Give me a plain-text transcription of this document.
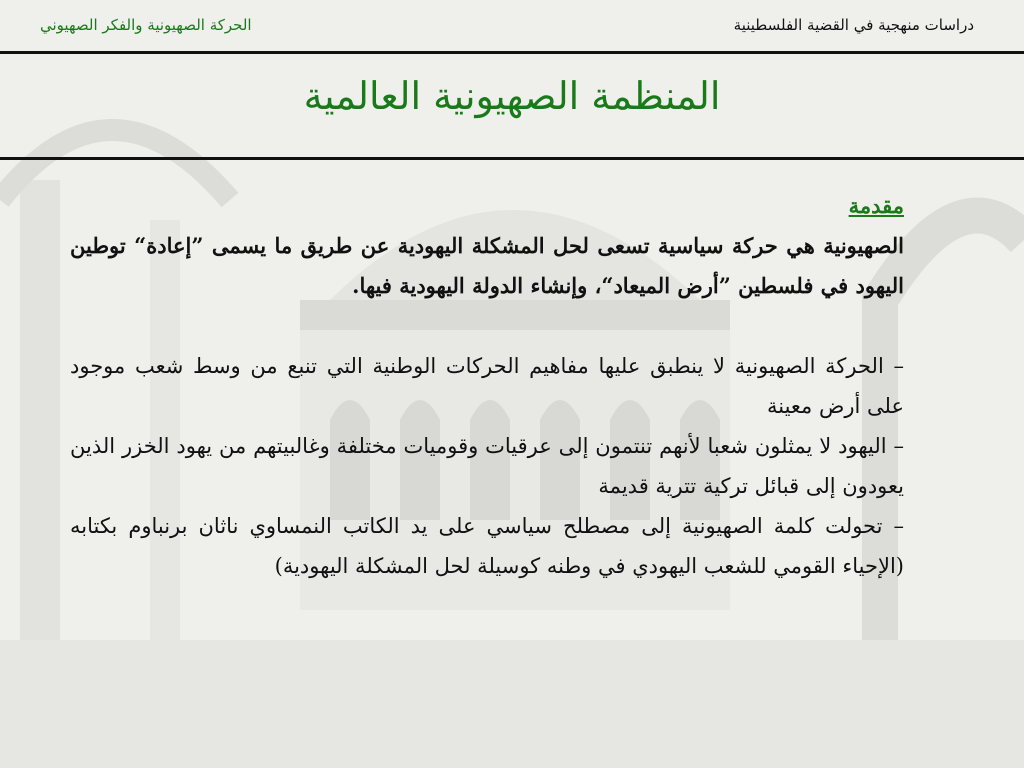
الحركة الصهيونية والفكر الصهيوني	دراسات منهجية في القضية الفلسطينية
المنظمة الصهيونية العالمية
مقدمة

الصهيونية هي حركة سياسية تسعى لحل المشكلة اليهودية عن طريق ما يسمى ”إعادة“ توطين اليهود في فلسطين ”أرض الميعاد“، وإنشاء الدولة اليهودية فيها.

– الحركة الصهيونية لا ينطبق عليها مفاهيم الحركات الوطنية التي تنبع من وسط شعب موجود على أرض معينة

– اليهود لا يمثلون شعبا لأنهم تنتمون إلى عرقيات وقوميات مختلفة وغالبيتهم من يهود الخزر الذين يعودون إلى قبائل تركية تترية قديمة

– تحولت كلمة الصهيونية إلى مصطلح سياسي على يد الكاتب النمساوي ناثان برنباوم بكتابه (الإحياء القومي للشعب اليهودي في وطنه كوسيلة لحل المشكلة اليهودية)
